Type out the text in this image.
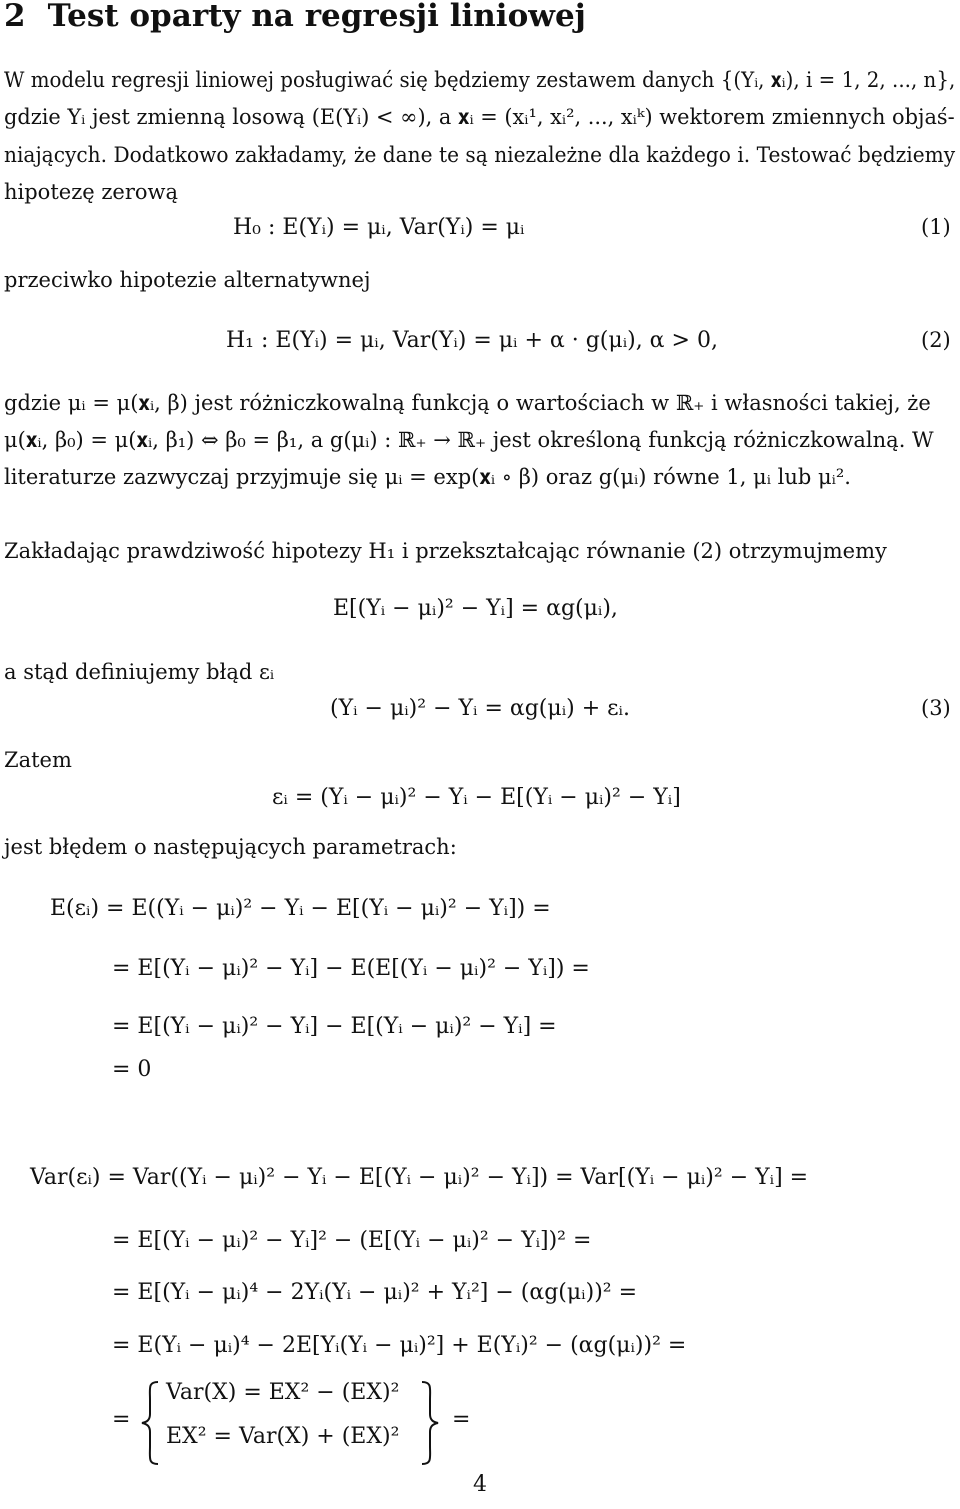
2 Test oparty na regresji liniowej
W modelu regresji liniowej posługiwać się będziemy zestawem danych {(Yᵢ, 𝐱ᵢ), i = 1, 2, ..., n},
gdzie Yᵢ jest zmienną losową (E(Yᵢ) < ∞), a 𝐱ᵢ = (xᵢ¹, xᵢ², ..., xᵢᵏ) wektorem zmiennych objaś-
niających. Dodatkowo zakładamy, że dane te są niezależne dla każdego i. Testować będziemy
hipotezę zerową
H₀ : E(Yᵢ) = μᵢ, Var(Yᵢ) = μᵢ	(1)
przeciwko hipotezie alternatywnej
H₁ : E(Yᵢ) = μᵢ, Var(Yᵢ) = μᵢ + α · g(μᵢ), α > 0,	(2)
gdzie μᵢ = μ(𝐱ᵢ, β) jest różniczkowalną funkcją o wartościach w ℝ₊ i własności takiej, że
μ(𝐱ᵢ, β₀) = μ(𝐱ᵢ, β₁) ⇔ β₀ = β₁, a g(μᵢ) : ℝ₊ → ℝ₊ jest określoną funkcją różniczkowalną. W
literaturze zazwyczaj przyjmuje się μᵢ = exp(𝐱ᵢ ∘ β) oraz g(μᵢ) równe 1, μᵢ lub μᵢ².
Zakładając prawdziwość hipotezy H₁ i przekształcając równanie (2) otrzymujmemy
E[(Yᵢ − μᵢ)² − Yᵢ] = αg(μᵢ),
a stąd definiujemy błąd εᵢ
(Yᵢ − μᵢ)² − Yᵢ = αg(μᵢ) + εᵢ.	(3)
Zatem
εᵢ = (Yᵢ − μᵢ)² − Yᵢ − E[(Yᵢ − μᵢ)² − Yᵢ]
jest błędem o następujących parametrach:
E(εᵢ) = E((Yᵢ − μᵢ)² − Yᵢ − E[(Yᵢ − μᵢ)² − Yᵢ]) =
= E[(Yᵢ − μᵢ)² − Yᵢ] − E(E[(Yᵢ − μᵢ)² − Yᵢ]) =
= E[(Yᵢ − μᵢ)² − Yᵢ] − E[(Yᵢ − μᵢ)² − Yᵢ] =
= 0
Var(εᵢ) = Var((Yᵢ − μᵢ)² − Yᵢ − E[(Yᵢ − μᵢ)² − Yᵢ]) = Var[(Yᵢ − μᵢ)² − Yᵢ] =
= E[(Yᵢ − μᵢ)² − Yᵢ]² − (E[(Yᵢ − μᵢ)² − Yᵢ])² =
= E[(Yᵢ − μᵢ)⁴ − 2Yᵢ(Yᵢ − μᵢ)² + Yᵢ²] − (αg(μᵢ))² =
= E(Yᵢ − μᵢ)⁴ − 2E[Yᵢ(Yᵢ − μᵢ)²] + E(Yᵢ)² − (αg(μᵢ))² =
=
Var(X) = EX² − (EX)²
EX² = Var(X) + (EX)²
=
4
